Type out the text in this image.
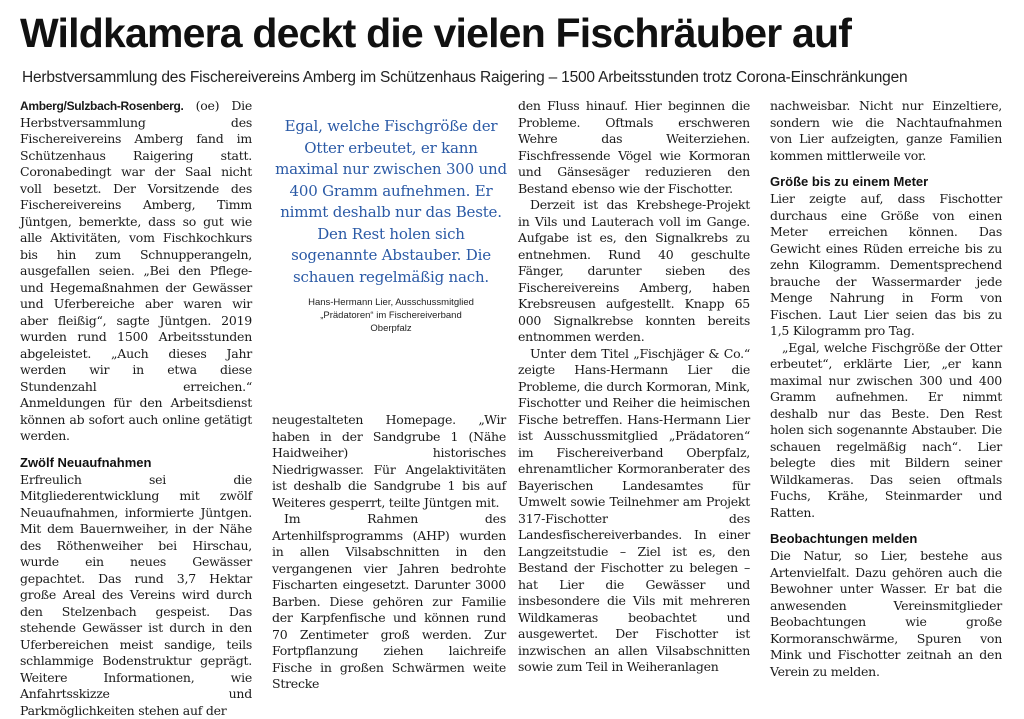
Wildkamera deckt die vielen Fischräuber auf

Herbstversammlung des Fischereivereins Amberg im Schützenhaus Raigering – 1500 Arbeitsstunden trotz Corona-Einschränkungen

Amberg/Sulzbach-Rosenberg. (oe) Die Herbstversammlung des Fischereivereins Amberg fand im Schützenhaus Raigering statt. Coronabedingt war der Saal nicht voll besetzt. Der Vorsitzende des Fischereivereins Amberg, Timm Jüntgen, bemerkte, dass so gut wie alle Aktivitäten, vom Fischkochkurs bis hin zum Schnupperangeln, ausgefallen seien. „Bei den Pflege- und Hegemaßnahmen der Gewässer und Uferbereiche aber waren wir aber fleißig“, sagte Jüntgen. 2019 wurden rund 1500 Arbeitsstunden abgeleistet. „Auch dieses Jahr werden wir in etwa diese Stundenzahl erreichen.“ Anmeldungen für den Arbeitsdienst können ab sofort auch online getätigt werden.

Zwölf Neuaufnahmen

Erfreulich sei die Mitgliederentwicklung mit zwölf Neuaufnahmen, informierte Jüntgen. Mit dem Bauernweiher, in der Nähe des Röthenweiher bei Hirschau, wurde ein neues Gewässer gepachtet. Das rund 3,7 Hektar große Areal des Vereins wird durch den Stelzenbach gespeist. Das stehende Gewässer ist durch in den Uferbereichen meist sandige, teils schlammige Bodenstruktur geprägt. Weitere Informationen, wie Anfahrtsskizze und Parkmöglichkeiten stehen auf der

Egal, welche Fischgröße der Otter erbeutet, er kann maximal nur zwischen 300 und 400 Gramm aufnehmen. Er nimmt deshalb nur das Beste. Den Rest holen sich sogenannte Abstauber. Die schauen regelmäßig nach.

Hans-Hermann Lier, Ausschussmitglied
„Prädatoren“ im Fischereiverband
Oberpfalz

neugestalteten Homepage. „Wir haben in der Sandgrube 1 (Nähe Haidweiher) historisches Niedrigwasser. Für Angelaktivitäten ist deshalb die Sandgrube 1 bis auf Weiteres gesperrt, teilte Jüntgen mit.

Im Rahmen des Artenhilfsprogramms (AHP) wurden in allen Vilsabschnitten in den vergangenen vier Jahren bedrohte Fischarten eingesetzt. Darunter 3000 Barben. Diese gehören zur Familie der Karpfenfische und können rund 70 Zentimeter groß werden. Zur Fortpflanzung ziehen laichreife Fische in großen Schwärmen weite Strecke

den Fluss hinauf. Hier beginnen die Probleme. Oftmals erschweren Wehre das Weiterziehen. Fischfressende Vögel wie Kormoran und Gänsesäger reduzieren den Bestand ebenso wie der Fischotter.

Derzeit ist das Krebshege-Projekt in Vils und Lauterach voll im Gange. Aufgabe ist es, den Signalkrebs zu entnehmen. Rund 40 geschulte Fänger, darunter sieben des Fischereivereins Amberg, haben Krebsreusen aufgestellt. Knapp 65 000 Signalkrebse konnten bereits entnommen werden.

Unter dem Titel „Fischjäger & Co.“ zeigte Hans-Hermann Lier die Probleme, die durch Kormoran, Mink, Fischotter und Reiher die heimischen Fische betreffen. Hans-Hermann Lier ist Ausschussmitglied „Prädatoren“ im Fischereiverband Oberpfalz, ehrenamtlicher Kormoranberater des Bayerischen Landesamtes für Umwelt sowie Teilnehmer am Projekt 317-Fischotter des Landesfischereiverbandes. In einer Langzeitstudie – Ziel ist es, den Bestand der Fischotter zu belegen – hat Lier die Gewässer und insbesondere die Vils mit mehreren Wildkameras beobachtet und ausgewertet. Der Fischotter ist inzwischen an allen Vilsabschnitten sowie zum Teil in Weiheranlagen

nachweisbar. Nicht nur Einzeltiere, sondern wie die Nachtaufnahmen von Lier aufzeigten, ganze Familien kommen mittlerweile vor.

Größe bis zu einem Meter

Lier zeigte auf, dass Fischotter durchaus eine Größe von einen Meter erreichen können. Das Gewicht eines Rüden erreiche bis zu zehn Kilogramm. Dementsprechend brauche der Wassermarder jede Menge Nahrung in Form von Fischen. Laut Lier seien das bis zu 1,5 Kilogramm pro Tag.

„Egal, welche Fischgröße der Otter erbeutet“, erklärte Lier, „er kann maximal nur zwischen 300 und 400 Gramm aufnehmen. Er nimmt deshalb nur das Beste. Den Rest holen sich sogenannte Abstauber. Die schauen regelmäßig nach“. Lier belegte dies mit Bildern seiner Wildkameras. Das seien oftmals Fuchs, Krähe, Steinmarder und Ratten.

Beobachtungen melden

Die Natur, so Lier, bestehe aus Artenvielfalt. Dazu gehören auch die Bewohner unter Wasser. Er bat die anwesenden Vereinsmitglieder Beobachtungen wie große Kormoranschwärme, Spuren von Mink und Fischotter zeitnah an den Verein zu melden.
